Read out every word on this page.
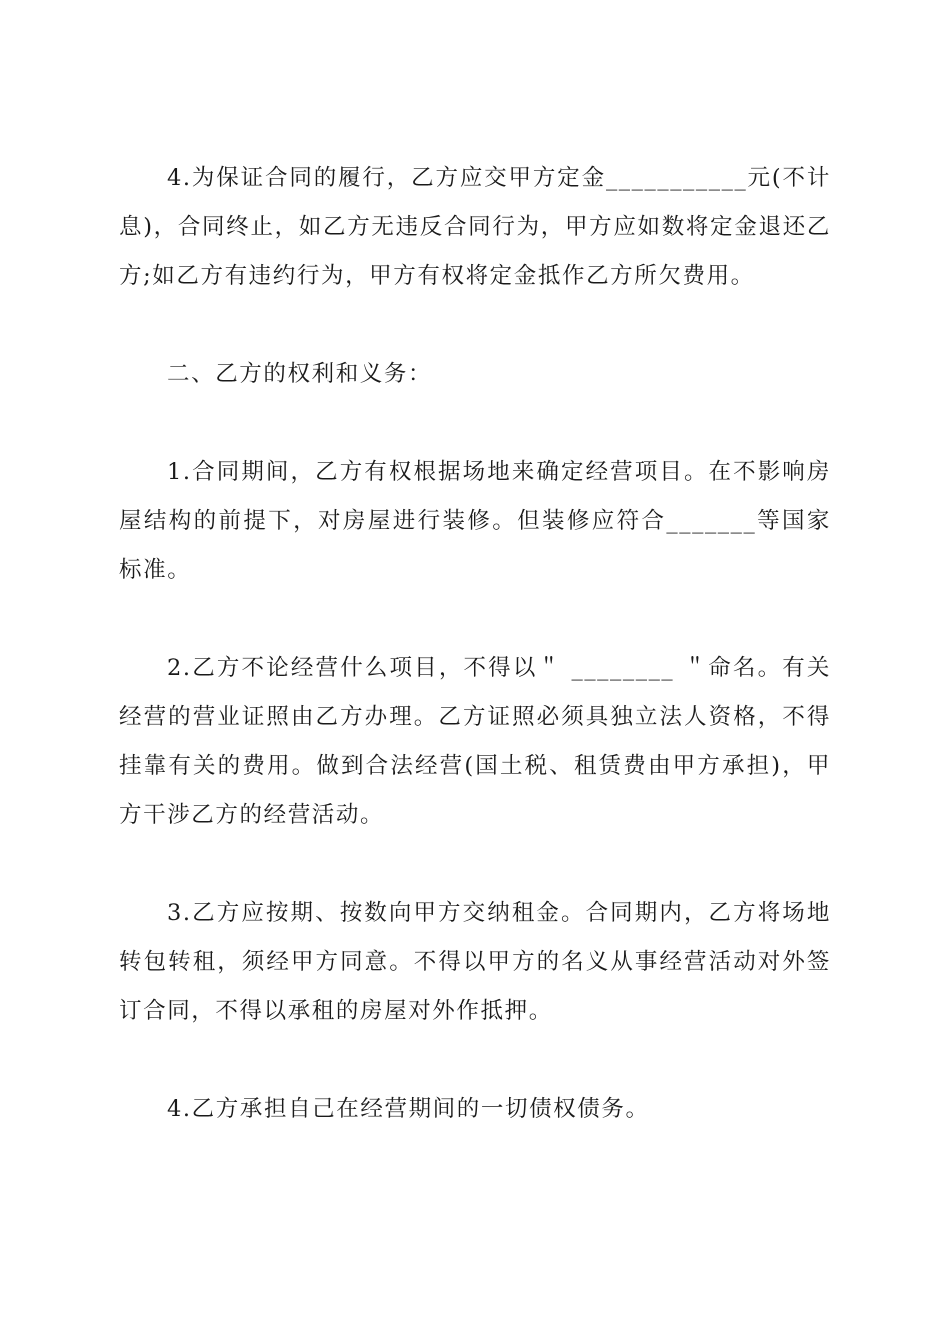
4.为保证合同的履行，乙方应交甲方定金___________元(不计息)，合同终止，如乙方无违反合同行为，甲方应如数将定金退还乙方;如乙方有违约行为，甲方有权将定金抵作乙方所欠费用。

二、乙方的权利和义务：

1.合同期间，乙方有权根据场地来确定经营项目。在不影响房屋结构的前提下，对房屋进行装修。但装修应符合_______等国家标准。

2.乙方不论经营什么项目，不得以＂ ________ ＂命名。有关经营的营业证照由乙方办理。乙方证照必须具独立法人资格，不得挂靠有关的费用。做到合法经营(国土税、租赁费由甲方承担)，甲方干涉乙方的经营活动。

3.乙方应按期、按数向甲方交纳租金。合同期内，乙方将场地转包转租，须经甲方同意。不得以甲方的名义从事经营活动对外签订合同，不得以承租的房屋对外作抵押。

4.乙方承担自己在经营期间的一切债权债务。
